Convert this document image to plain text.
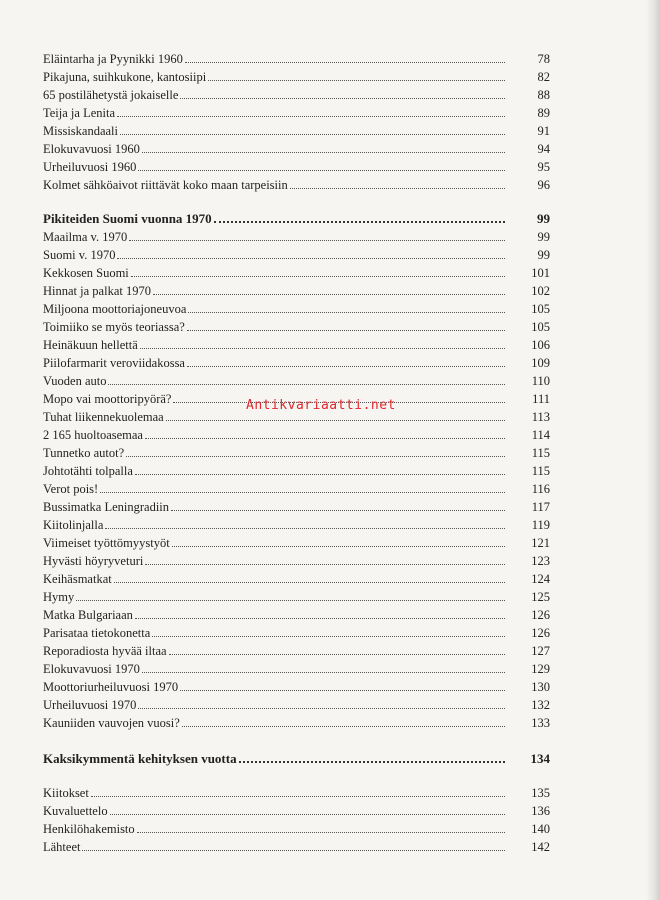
Eläintarha ja Pyynikki 1960	78
Pikajuna, suihkukone, kantosiipi	82
65 postilähetystä jokaiselle	88
Teija ja Lenita	89
Missiskandaali	91
Elokuvavuosi 1960	94
Urheiluvuosi 1960	95
Kolmet sähköaivot riittävät koko maan tarpeisiin	96
Pikiteiden Suomi vuonna 1970	99
Maailma v. 1970	99
Suomi v. 1970	99
Kekkosen Suomi	101
Hinnat ja palkat 1970	102
Miljoona moottoriajoneuvoa	105
Toimiiko se myös teoriassa?	105
Heinäkuun hellettä	106
Piilofarmarit veroviidakossa	109
Vuoden auto	110
Mopo vai moottoripyörä?	111
Tuhat liikennekuolemaa	113
2 165 huoltoasemaa	114
Tunnetko autot?	115
Johtotähti tolpalla	115
Verot pois!	116
Bussimatka Leningradiin	117
Kiitolinjalla	119
Viimeiset työttömyystyöt	121
Hyvästi höyryveturi	123
Keihäsmatkat	124
Hymy	125
Matka Bulgariaan	126
Parisataa tietokonetta	126
Reporadiosta hyvää iltaa	127
Elokuvavuosi 1970	129
Moottoriurheiluvuosi 1970	130
Urheiluvuosi 1970	132
Kauniiden vauvojen vuosi?	133
Kaksikymmentä kehityksen vuotta	134
Kiitokset	135
Kuvaluettelo	136
Henkilöhakemisto	140
Lähteet	142
Antikvariaatti.net
